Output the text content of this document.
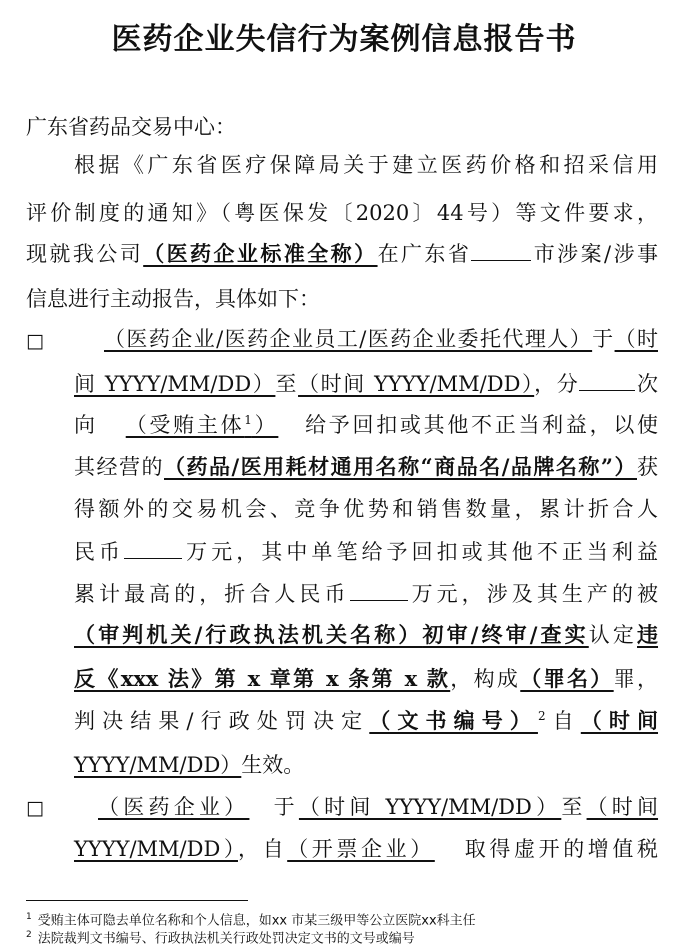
医药企业失信行为案例信息报告书
广东省药品交易中心：
根据《广东省医疗保障局关于建立医药价格和招采信用
评价制度的通知》（粤医保发〔2020〕44号）等文件要求，
现就我公司（医药企业标准全称）在广东省	市涉案/涉事
信息进行主动报告，具体如下：
□	（医药企业/医药企业员工/医药企业委托代理人）于（时
间 YYYY/MM/DD）至（时间 YYYY/MM/DD），分	次
向 （受贿主体$^1$） 给予回扣或其他不正当利益，以使
其经营的（药品/医用耗材通用名称“商品名/品牌名称”）获
得额外的交易机会、竞争优势和销售数量，累计折合人
民币	万元，其中单笔给予回扣或其他不正当利益
累计最高的，折合人民币	万元，涉及其生产的被
（审判机关/行政执法机关名称）初审/终审/查实认定违
反《xxx 法》第 x 章第 x 条第 x 款，构成（罪名）罪，
判决结果/行政处罚决定（文书编号）$^2$自（时间
YYYY/MM/DD）生效。
□	（医药企业） 于（时间 YYYY/MM/DD）至（时间
YYYY/MM/DD），自（开票企业） 取得虚开的增值税
$^1$ 受贿主体可隐去单位名称和个人信息，如xx 市某三级甲等公立医院xx科主任
$^2$ 法院裁判文书编号、行政执法机关行政处罚决定文书的文号或编号
